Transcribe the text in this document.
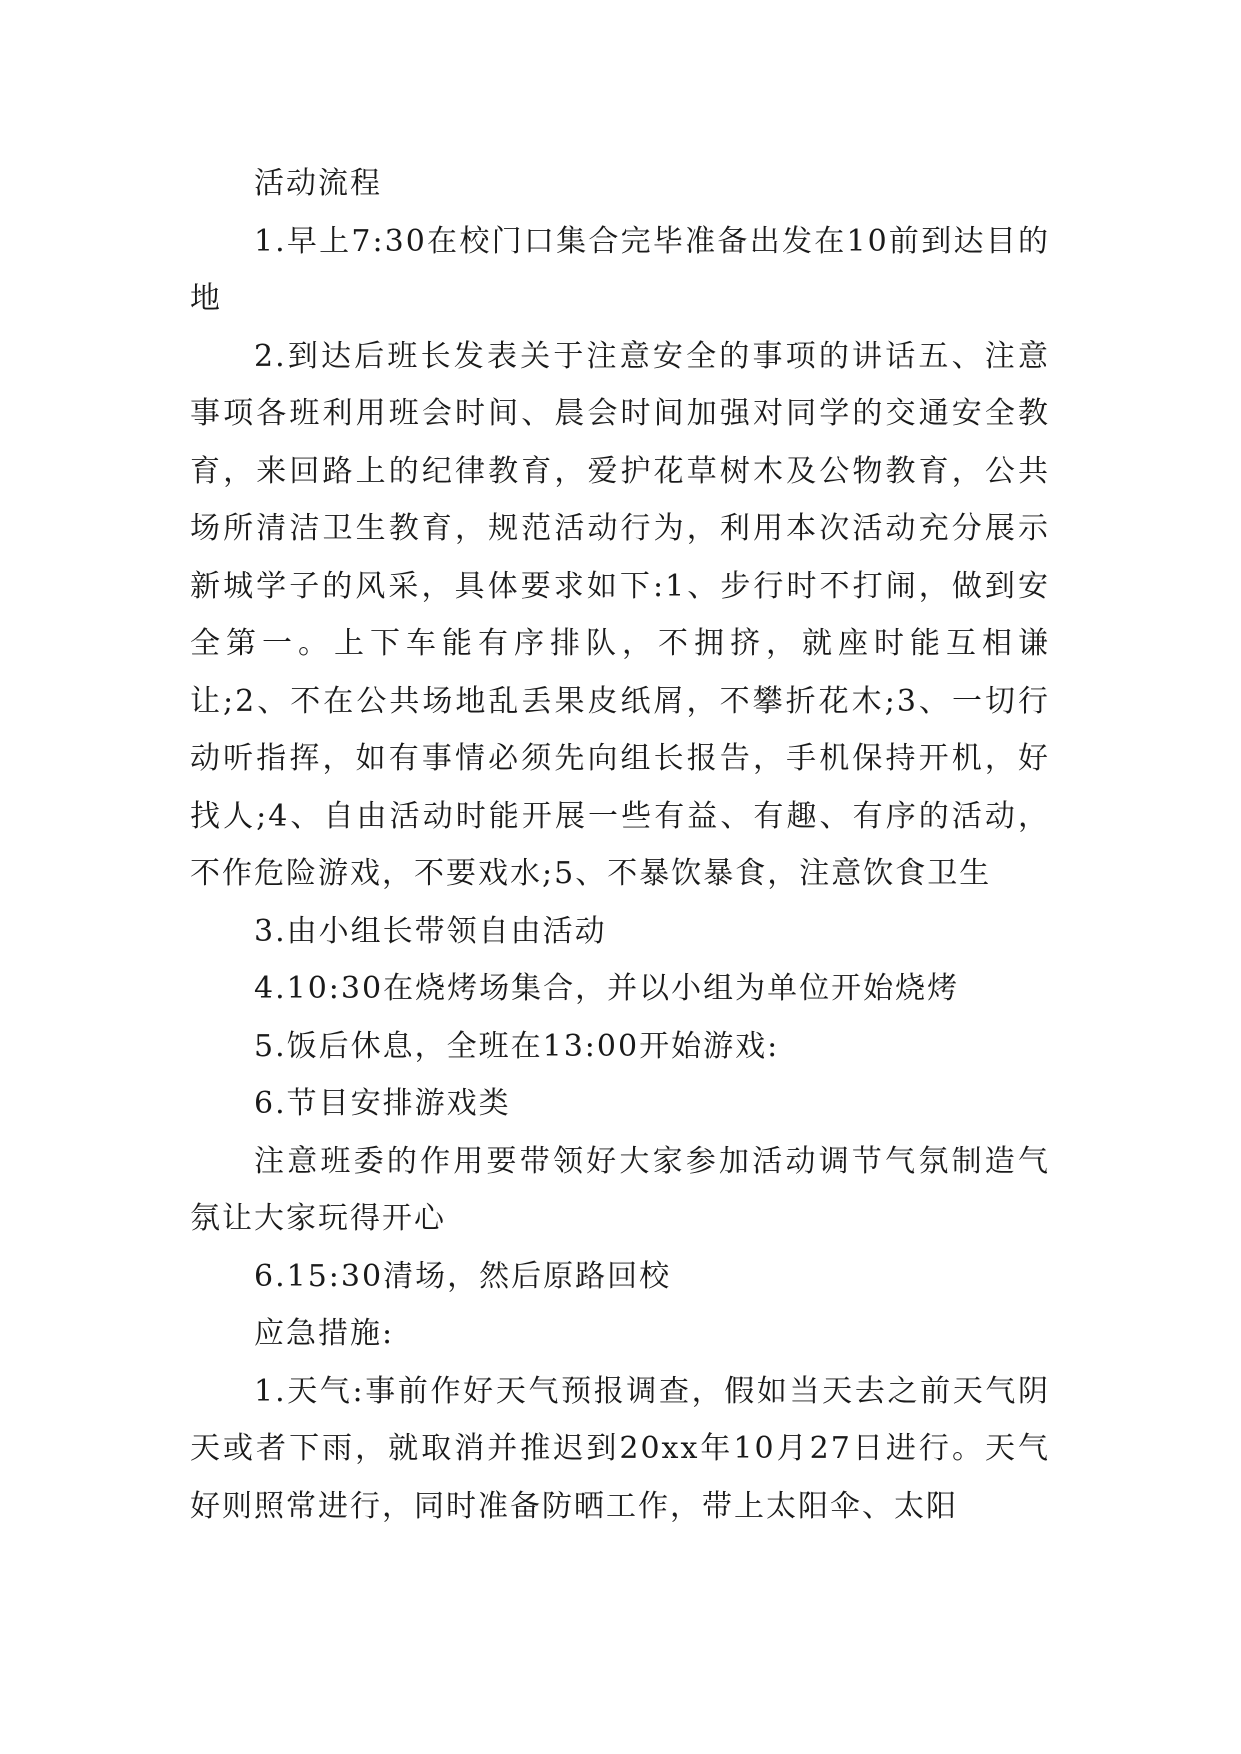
活动流程

1.早上7:30在校门口集合完毕准备出发在10前到达目的地

2.到达后班长发表关于注意安全的事项的讲话五、注意事项各班利用班会时间、晨会时间加强对同学的交通安全教育，来回路上的纪律教育，爱护花草树木及公物教育，公共场所清洁卫生教育，规范活动行为，利用本次活动充分展示新城学子的风采，具体要求如下:1、步行时不打闹，做到安全第一。上下车能有序排队，不拥挤，就座时能互相谦让;2、不在公共场地乱丢果皮纸屑，不攀折花木;3、一切行动听指挥，如有事情必须先向组长报告，手机保持开机，好找人;4、自由活动时能开展一些有益、有趣、有序的活动，不作危险游戏，不要戏水;5、不暴饮暴食，注意饮食卫生

3.由小组长带领自由活动

4.10:30在烧烤场集合，并以小组为单位开始烧烤

5.饭后休息，全班在13:00开始游戏:

6.节目安排游戏类

注意班委的作用要带领好大家参加活动调节气氛制造气氛让大家玩得开心

6.15:30清场，然后原路回校

应急措施:

1.天气:事前作好天气预报调查，假如当天去之前天气阴天或者下雨，就取消并推迟到20xx年10月27日进行。天气好则照常进行，同时准备防晒工作，带上太阳伞、太阳
